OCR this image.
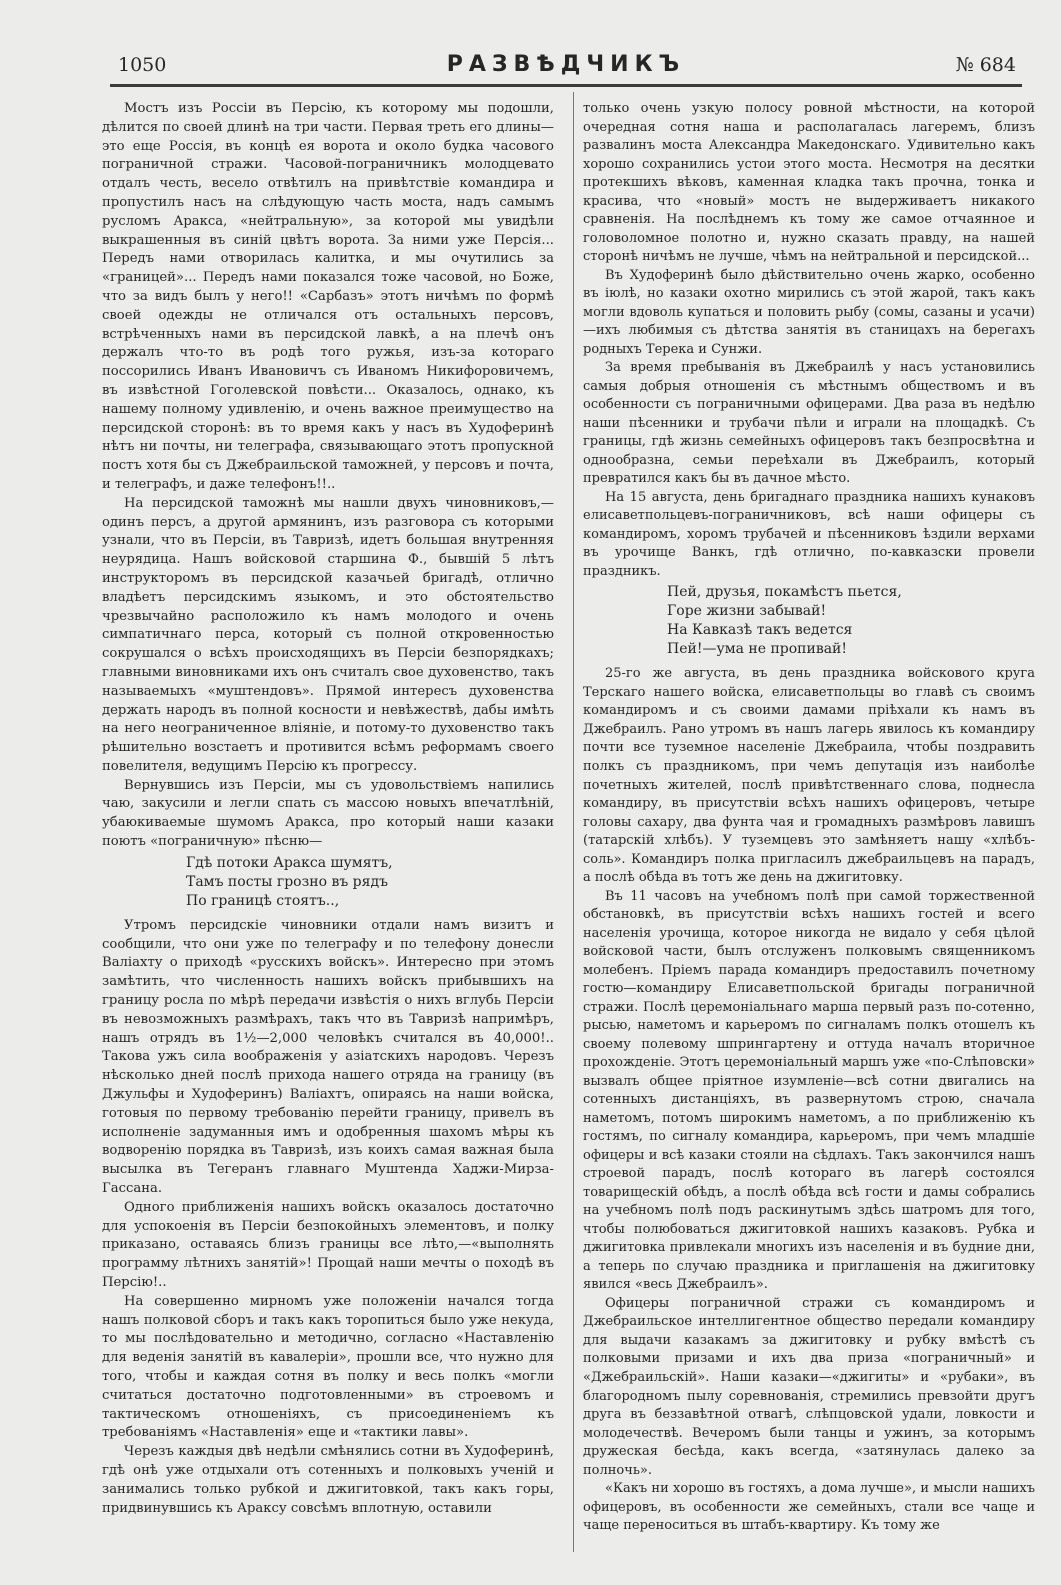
1050	РАЗВѢДЧИКЪ	№ 684

Мостъ изъ Россiи въ Персiю, къ которому мы подошли, дѣлится по своей длинѣ на три части. Первая треть его длины—это еще Россiя, въ концѣ ея ворота и около будка часового пограничной стражи. Часовой-пограничникъ молодцевато отдалъ честь, весело отвѣтилъ на привѣтствiе командира и пропустилъ насъ на слѣдующую часть моста, надъ самымъ русломъ Аракса, «нейтральную», за которой мы увидѣли выкрашенныя въ синiй цвѣтъ ворота. За ними уже Персiя... Передъ нами отворилась калитка, и мы очутились за «границей»... Передъ нами показался тоже часовой, но Боже, что за видъ былъ у него!! «Сарбазъ» этотъ ничѣмъ по формѣ своей одежды не отличался отъ остальныхъ персовъ, встрѣченныхъ нами въ персидской лавкѣ, а на плечѣ онъ держалъ что-то въ родѣ того ружья, изъ-за котораго поссорились Иванъ Ивановичъ съ Иваномъ Никифоровичемъ, въ извѣстной Гоголевской повѣсти... Оказалось, однако, къ нашему полному удивленiю, и очень важное преимущество на персидской сторонѣ: въ то время какъ у насъ въ Худоферинѣ нѣтъ ни почты, ни телеграфа, связывающаго этотъ пропускной постъ хотя бы съ Джебраильской таможней, у персовъ и почта, и телеграфъ, и даже телефонъ!!..

На персидской таможнѣ мы нашли двухъ чиновниковъ,—одинъ персъ, а другой армянинъ, изъ разговора съ которыми узнали, что въ Персiи, въ Тавризѣ, идетъ большая внутренняя неурядица. Нашъ войсковой старшина Ф., бывшiй 5 лѣтъ инструкторомъ въ персидской казачьей бригадѣ, отлично владѣетъ персидскимъ языкомъ, и это обстоятельство чрезвычайно расположило къ намъ молодого и очень симпатичнаго перса, который съ полной откровенностью сокрушался о всѣхъ происходящихъ въ Персiи безпорядкахъ; главными виновниками ихъ онъ считалъ свое духовенство, такъ называемыхъ «муштендовъ». Прямой интересъ духовенства держать народъ въ полной косности и невѣжествѣ, дабы имѣть на него неограниченное влiянiе, и потому-то духовенство такъ рѣшительно возстаетъ и противится всѣмъ реформамъ своего повелителя, ведущимъ Персiю къ прогрессу.

Вернувшись изъ Персiи, мы съ удовольствiемъ напились чаю, закусили и легли спать съ массою новыхъ впечатлѣнiй, убаюкиваемые шумомъ Аракса, про который наши казаки поютъ «пограничную» пѣсню—

Гдѣ потоки Аракса шумятъ,
Тамъ посты грозно въ рядъ
По границѣ стоятъ..,

Утромъ персидскiе чиновники отдали намъ визитъ и сообщили, что они уже по телеграфу и по телефону донесли Валiахту о приходѣ «русскихъ войскъ». Интересно при этомъ замѣтить, что численность нашихъ войскъ прибывшихъ на границу росла по мѣрѣ передачи извѣстiя о нихъ вглубь Персiи въ невозможныхъ размѣрахъ, такъ что въ Тавризѣ напримѣръ, нашъ отрядъ въ 1½—2,000 человѣкъ считался въ 40,000!.. Такова ужъ сила воображенiя у азiатскихъ народовъ. Черезъ нѣсколько дней послѣ прихода нашего отряда на границу (въ Джульфы и Худоферинъ) Валiахтъ, опираясь на наши войска, готовыя по первому требованiю перейти границу, привелъ въ исполненiе задуманныя имъ и одобренныя шахомъ мѣры къ водворенiю порядка въ Тавризѣ, изъ коихъ самая важная была высылка въ Тегеранъ главнаго Муштенда Хаджи-Мирза-Гассана.

Одного приближенiя нашихъ войскъ оказалось достаточно для успокоенiя въ Персiи безпокойныхъ элементовъ, и полку приказано, оставаясь близъ границы все лѣто,—«выполнять программу лѣтнихъ занятiй»! Прощай наши мечты о походѣ въ Персiю!..

На совершенно мирномъ уже положенiи начался тогда нашъ полковой сборъ и такъ какъ торопиться было уже некуда, то мы послѣдовательно и методично, согласно «Наставленiю для веденiя занятiй въ кавалерiи», прошли все, что нужно для того, чтобы и каждая сотня въ полку и весь полкъ «могли считаться достаточно подготовленными» въ строевомъ и тактическомъ отношенiяхъ, съ присоединенiемъ къ требованiямъ «Наставленiя» еще и «тактики лавы».

Черезъ каждыя двѣ недѣли смѣнялись сотни въ Худоферинѣ, гдѣ онѣ уже отдыхали отъ сотенныхъ и полковыхъ ученiй и занимались только рубкой и джигитовкой, такъ какъ горы, придвинувшись къ Араксу совсѣмъ вплотную, оставили

только очень узкую полосу ровной мѣстности, на которой очередная сотня наша и располагалась лагеремъ, близъ развалинъ моста Александра Македонскаго. Удивительно какъ хорошо сохранились устои этого моста. Несмотря на десятки протекшихъ вѣковъ, каменная кладка такъ прочна, тонка и красива, что «новый» мостъ не выдерживаетъ никакого сравненiя. На послѣднемъ къ тому же самое отчаянное и головоломное полотно и, нужно сказать правду, на нашей сторонѣ ничѣмъ не лучше, чѣмъ на нейтральной и персидской...

Въ Худоферинѣ было дѣйствительно очень жарко, особенно въ iюлѣ, но казаки охотно мирились съ этой жарой, такъ какъ могли вдоволь купаться и половить рыбу (сомы, сазаны и усачи)—ихъ любимыя съ дѣтства занятiя въ станицахъ на берегахъ родныхъ Терека и Сунжи.

За время пребыванiя въ Джебраилѣ у насъ установились самыя добрыя отношенiя съ мѣстнымъ обществомъ и въ особенности съ пограничными офицерами. Два раза въ недѣлю наши пѣсенники и трубачи пѣли и играли на площадкѣ. Съ границы, гдѣ жизнь семейныхъ офицеровъ такъ безпросвѣтна и однообразна, семьи переѣхали въ Джебраилъ, который превратился какъ бы въ дачное мѣсто.

На 15 августа, день бригаднаго праздника нашихъ кунаковъ елисаветпольцевъ-пограничниковъ, всѣ наши офицеры съ командиромъ, хоромъ трубачей и пѣсенниковъ ѣздили верхами въ урочище Ванкъ, гдѣ отлично, по-кавказски провели праздникъ.

Пей, друзья, покамѣстъ пьется,
Горе жизни забывай!
На Кавказѣ такъ ведется
Пей!—ума не пропивай!

25-го же августа, въ день праздника войскового круга Терскаго нашего войска, елисаветпольцы во главѣ съ своимъ командиромъ и съ своими дамами прiѣхали къ намъ въ Джебраилъ. Рано утромъ въ нашъ лагерь явилось къ командиру почти все туземное населенiе Джебраила, чтобы поздравить полкъ съ праздникомъ, при чемъ депутацiя изъ наиболѣе почетныхъ жителей, послѣ привѣтственнаго слова, поднесла командиру, въ присутствiи всѣхъ нашихъ офицеровъ, четыре головы сахару, два фунта чая и громадныхъ размѣровъ лавишъ (татарскiй хлѣбъ). У туземцевъ это замѣняетъ нашу «хлѣбъ-соль». Командиръ полка пригласилъ джебраильцевъ на парадъ, а послѣ обѣда въ тотъ же день на джигитовку.

Въ 11 часовъ на учебномъ полѣ при самой торжественной обстановкѣ, въ присутствiи всѣхъ нашихъ гостей и всего населенiя урочища, которое никогда не видало у себя цѣлой войсковой части, былъ отслуженъ полковымъ священникомъ молебенъ. Прiемъ парада командиръ предоставилъ почетному гостю—командиру Елисаветпольской бригады пограничной стражи. Послѣ церемонiальнаго марша первый разъ по-сотенно, рысью, наметомъ и карьеромъ по сигналамъ полкъ отошелъ къ своему полевому шпрингартену и оттуда началъ вторичное прохожденiе. Этотъ церемонiальный маршъ уже «по-Слѣповски» вызвалъ общее прiятное изумленiе—всѣ сотни двигались на сотенныхъ дистанцiяхъ, въ развернутомъ строю, сначала наметомъ, потомъ широкимъ наметомъ, а по приближенiю къ гостямъ, по сигналу командира, карьеромъ, при чемъ младшiе офицеры и всѣ казаки стояли на сѣдлахъ. Такъ закончился нашъ строевой парадъ, послѣ котораго въ лагерѣ состоялся товарищескiй обѣдъ, а послѣ обѣда всѣ гости и дамы собрались на учебномъ полѣ подъ раскинутымъ здѣсь шатромъ для того, чтобы полюбоваться джигитовкой нашихъ казаковъ. Рубка и джигитовка привлекали многихъ изъ населенiя и въ будние дни, а теперь по случаю праздника и приглашенiя на джигитовку явился «весь Джебраилъ».

Офицеры пограничной стражи съ командиромъ и Джебраильское интеллигентное общество передали командиру для выдачи казакамъ за джигитовку и рубку вмѣстѣ съ полковыми призами и ихъ два приза «пограничный» и «Джебраильскiй». Наши казаки—«джигиты» и «рубаки», въ благородномъ пылу соревнованiя, стремились превзойти другъ друга въ беззавѣтной отвагѣ, слѣпцовской удали, ловкости и молодечествѣ. Вечеромъ были танцы и ужинъ, за которымъ дружеская бесѣда, какъ всегда, «затянулась далеко за полночь».

«Какъ ни хорошо въ гостяхъ, а дома лучше», и мысли нашихъ офицеровъ, въ особенности же семейныхъ, стали все чаще и чаще переноситься въ штабъ-квартиру. Къ тому же
